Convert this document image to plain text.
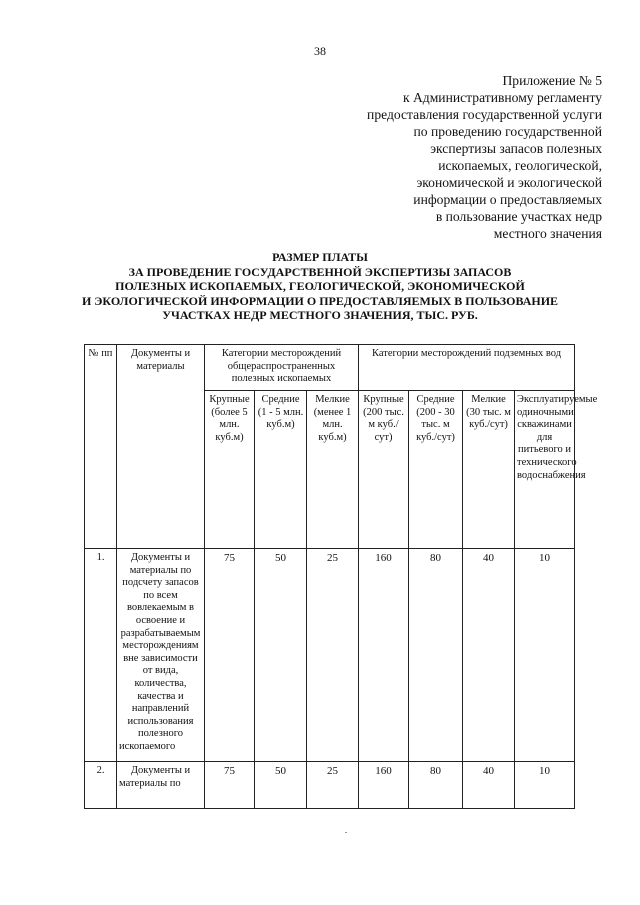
38
Приложение № 5
к Административному регламенту
предоставления государственной услуги
по проведению государственной
экспертизы запасов полезных
ископаемых, геологической,
экономической и экологической
информации о предоставляемых
в пользование участках недр
местного значения
РАЗМЕР ПЛАТЫ
ЗА ПРОВЕДЕНИЕ ГОСУДАРСТВЕННОЙ ЭКСПЕРТИЗЫ ЗАПАСОВ
ПОЛЕЗНЫХ ИСКОПАЕМЫХ, ГЕОЛОГИЧЕСКОЙ, ЭКОНОМИЧЕСКОЙ
И ЭКОЛОГИЧЕСКОЙ ИНФОРМАЦИИ О ПРЕДОСТАВЛЯЕМЫХ В ПОЛЬЗОВАНИЕ
УЧАСТКАХ НЕДР МЕСТНОГО ЗНАЧЕНИЯ, ТЫС. РУБ.
№ пп	Документы и материалы	Категории месторождений общераспространенных полезных ископаемых			Категории месторождений подземных вод			
		Крупные (более 5 млн. куб.м)	Средние (1 - 5 млн. куб.м)	Мелкие (менее 1 млн. куб.м)	Крупные (200 тыс. м куб./сут)	Средние (200 - 30 тыс. м куб./сут)	Мелкие (30 тыс. м куб./сут)	Эксплуатируемые одиночными скважинами для питьевого и технического водоснабжения
1.	Документы и материалы по подсчету запасов по всем вовлекаемым в освоение и разрабатываемым месторождениям вне зависимости от вида, количества, качества и направлений использования полезного ископаемого	75	50	25	160	80	40	10
2.	Документы и материалы по	75	50	25	160	80	40	10
